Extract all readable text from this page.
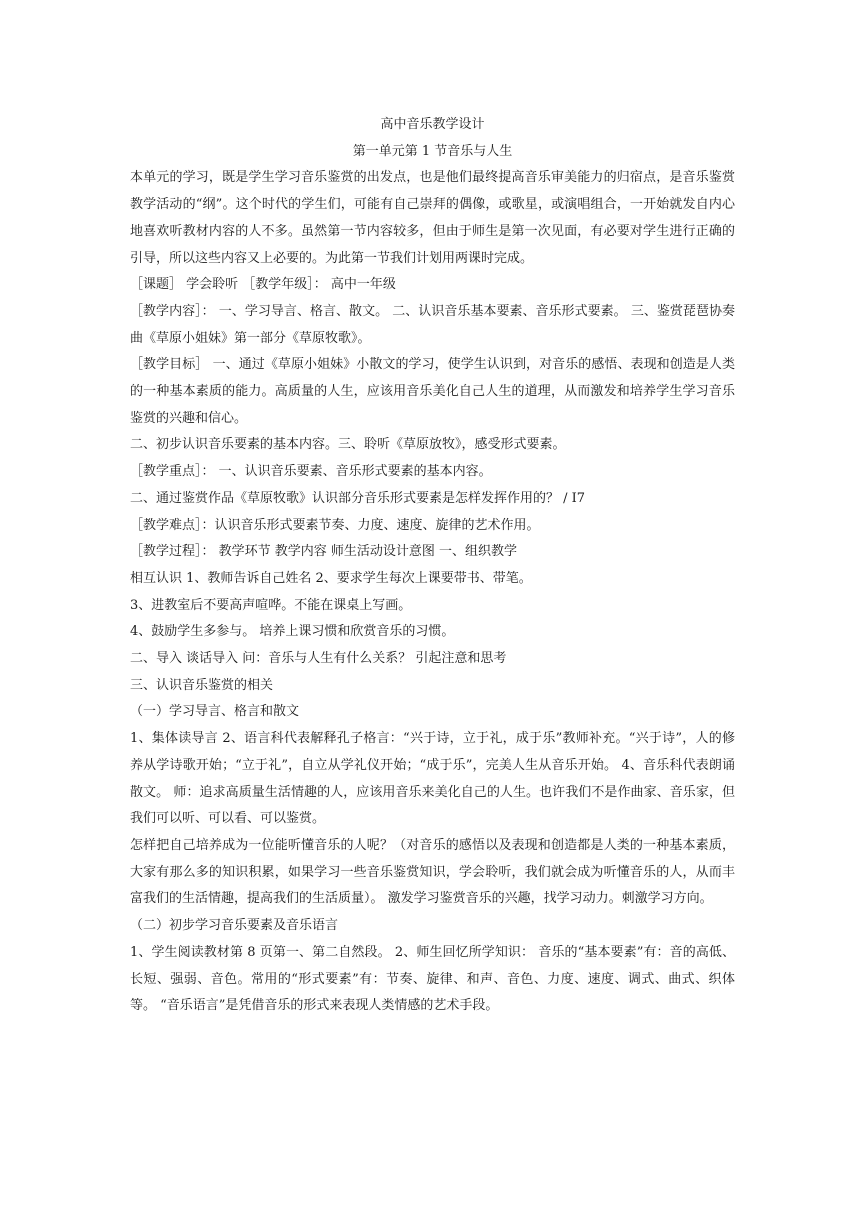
高中音乐教学设计

第一单元第 1 节音乐与人生

本单元的学习，既是学生学习音乐鉴赏的出发点，也是他们最终提高音乐审美能力的归宿点，是音乐鉴赏教学活动的“纲”。这个时代的学生们，可能有自己崇拜的偶像，或歌星，或演唱组合，一开始就发自内心地喜欢听教材内容的人不多。虽然第一节内容较多，但由于师生是第一次见面，有必要对学生进行正确的引导，所以这些内容又上必要的。为此第一节我们计划用两课时完成。

［课题］ 学会聆听 ［教学年级］： 高中一年级

［教学内容］： 一、学习导言、格言、散文。 二、认识音乐基本要素、音乐形式要素。 三、鉴赏琵琶协奏曲《草原小姐妹》第一部分《草原牧歌》。

［教学目标］ 一、通过《草原小姐妹》小散文的学习，使学生认识到，对音乐的感悟、表现和创造是人类的一种基本素质的能力。高质量的人生，应该用音乐美化自己人生的道理，从而激发和培养学生学习音乐鉴赏的兴趣和信心。

二、初步认识音乐要素的基本内容。三、聆听《草原放牧》，感受形式要素。

［教学重点］： 一、认识音乐要素、音乐形式要素的基本内容。

二、通过鉴赏作品《草原牧歌》认识部分音乐形式要素是怎样发挥作用的？ / I7

［教学难点］：认识音乐形式要素节奏、力度、速度、旋律的艺术作用。

［教学过程］： 教学环节 教学内容 师生活动设计意图 一、组织教学

相互认识 1、教师告诉自己姓名 2、要求学生每次上课要带书、带笔。

3、进教室后不要高声喧哗。不能在课桌上写画。

4、鼓励学生多参与。 培养上课习惯和欣赏音乐的习惯。

二、导入 谈话导入 问：音乐与人生有什么关系？ 引起注意和思考

三、认识音乐鉴赏的相关

（一）学习导言、格言和散文

1、集体读导言 2、语言科代表解释孔子格言：“兴于诗，立于礼，成于乐”教师补充。“兴于诗”，人的修养从学诗歌开始；“立于礼”，自立从学礼仪开始；“成于乐”，完美人生从音乐开始。 4、音乐科代表朗诵散文。 师：追求高质量生活情趣的人，应该用音乐来美化自己的人生。也许我们不是作曲家、音乐家，但我们可以听、可以看、可以鉴赏。

怎样把自己培养成为一位能听懂音乐的人呢？（对音乐的感悟以及表现和创造都是人类的一种基本素质，大家有那么多的知识积累，如果学习一些音乐鉴赏知识，学会聆听，我们就会成为听懂音乐的人，从而丰富我们的生活情趣，提高我们的生活质量）。 激发学习鉴赏音乐的兴趣，找学习动力。刺激学习方向。

（二）初步学习音乐要素及音乐语言

1、学生阅读教材第 8 页第一、第二自然段。 2、师生回忆所学知识： 音乐的“基本要素”有：音的高低、长短、强弱、音色。常用的“形式要素”有：节奏、旋律、和声、音色、力度、速度、调式、曲式、织体等。 “音乐语言”是凭借音乐的形式来表现人类情感的艺术手段。
